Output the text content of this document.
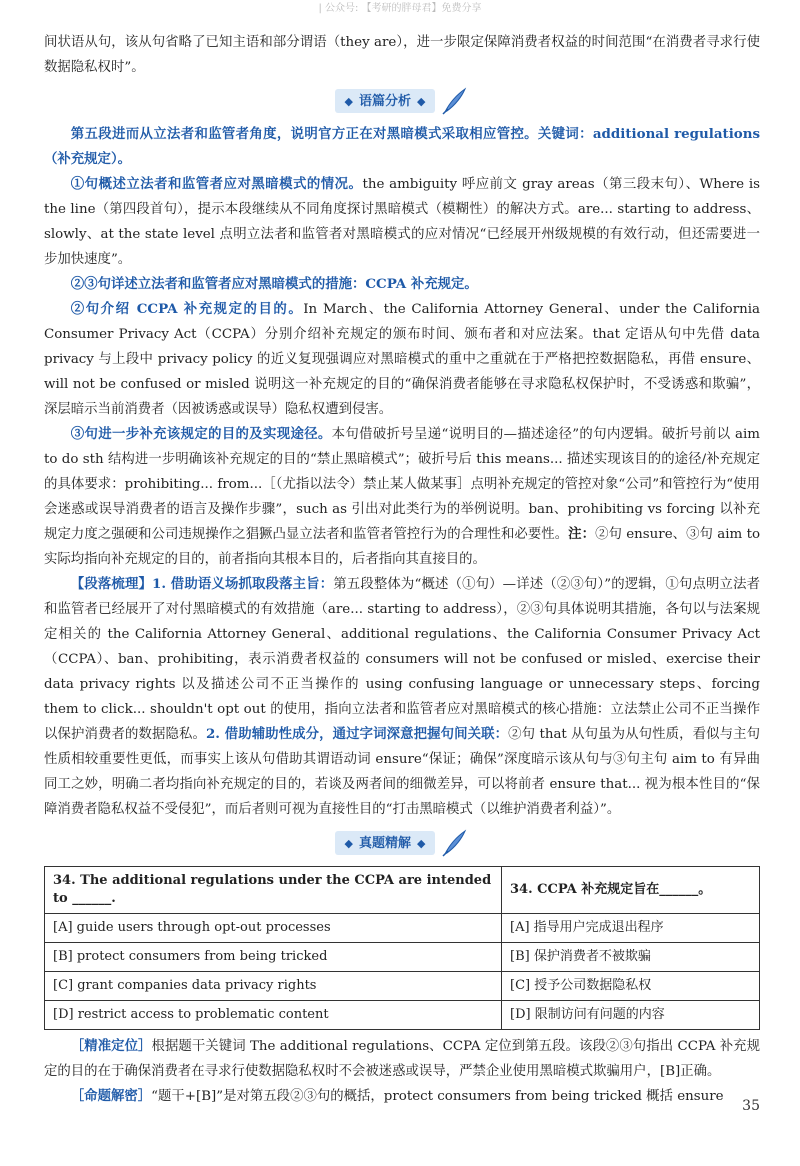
| 公众号: 【考研的胖母君】免费分享

间状语从句，该从句省略了已知主语和部分谓语（they are），进一步限定保障消费者权益的时间范围“在消费者寻求行使数据隐私权时”。

◆ 语篇分析 ◆

第五段进而从立法者和监管者角度，说明官方正在对黑暗模式采取相应管控。关键词：additional regulations（补充规定）。

①句概述立法者和监管者应对黑暗模式的情况。the ambiguity 呼应前文 gray areas（第三段末句）、Where is the line（第四段首句），提示本段继续从不同角度探讨黑暗模式（模糊性）的解决方式。are... starting to address、slowly、at the state level 点明立法者和监管者对黑暗模式的应对情况“已经展开州级规模的有效行动，但还需要进一步加快速度”。

②③句详述立法者和监管者应对黑暗模式的措施：CCPA 补充规定。

②句介绍 CCPA 补充规定的目的。In March、the California Attorney General、under the California Consumer Privacy Act（CCPA）分别介绍补充规定的颁布时间、颁布者和对应法案。that 定语从句中先借 data privacy 与上段中 privacy policy 的近义复现强调应对黑暗模式的重中之重就在于严格把控数据隐私，再借 ensure、will not be confused or misled 说明这一补充规定的目的“确保消费者能够在寻求隐私权保护时，不受诱惑和欺骗”，深层暗示当前消费者（因被诱惑或误导）隐私权遭到侵害。

③句进一步补充该规定的目的及实现途径。本句借破折号呈递“说明目的—描述途径”的句内逻辑。破折号前以 aim to do sth 结构进一步明确该补充规定的目的“禁止黑暗模式”；破折号后 this means... 描述实现该目的的途径/补充规定的具体要求：prohibiting... from...［（尤指以法令）禁止某人做某事］点明补充规定的管控对象“公司”和管控行为“使用会迷惑或误导消费者的语言及操作步骤”，such as 引出对此类行为的举例说明。ban、prohibiting vs forcing 以补充规定力度之强硬和公司违规操作之猖獗凸显立法者和监管者管控行为的合理性和必要性。注：②句 ensure、③句 aim to 实际均指向补充规定的目的，前者指向其根本目的，后者指向其直接目的。

【段落梳理】1. 借助语义场抓取段落主旨：第五段整体为“概述（①句）—详述（②③句）”的逻辑，①句点明立法者和监管者已经展开了对付黑暗模式的有效措施（are... starting to address），②③句具体说明其措施，各句以与法案规定相关的 the California Attorney General、additional regulations、the California Consumer Privacy Act（CCPA）、ban、prohibiting，表示消费者权益的 consumers will not be confused or misled、exercise their data privacy rights 以及描述公司不正当操作的 using confusing language or unnecessary steps、forcing them to click... shouldn't opt out 的使用，指向立法者和监管者应对黑暗模式的核心措施：立法禁止公司不正当操作以保护消费者的数据隐私。2. 借助辅助性成分，通过字词深意把握句间关联：②句 that 从句虽为从句性质，看似与主句性质相较重要性更低，而事实上该从句借助其谓语动词 ensure“保证；确保”深度暗示该从句与③句主句 aim to 有异曲同工之妙，明确二者均指向补充规定的目的，若谈及两者间的细微差异，可以将前者 ensure that... 视为根本性目的“保障消费者隐私权益不受侵犯”，而后者则可视为直接性目的“打击黑暗模式（以维护消费者利益）”。

◆ 真题精解 ◆
34. The additional regulations under the CCPA are intended to ______.	34. CCPA 补充规定旨在______。
[A] guide users through opt-out processes	[A] 指导用户完成退出程序
[B] protect consumers from being tricked	[B] 保护消费者不被欺骗
[C] grant companies data privacy rights	[C] 授予公司数据隐私权
[D] restrict access to problematic content	[D] 限制访问有问题的内容

［精准定位］根据题干关键词 The additional regulations、CCPA 定位到第五段。该段②③句指出 CCPA 补充规定的目的在于确保消费者在寻求行使数据隐私权时不会被迷惑或误导，严禁企业使用黑暗模式欺骗用户，[B]正确。

［命题解密］“题干+[B]”是对第五段②③句的概括，protect consumers from being tricked 概括 ensure

35
